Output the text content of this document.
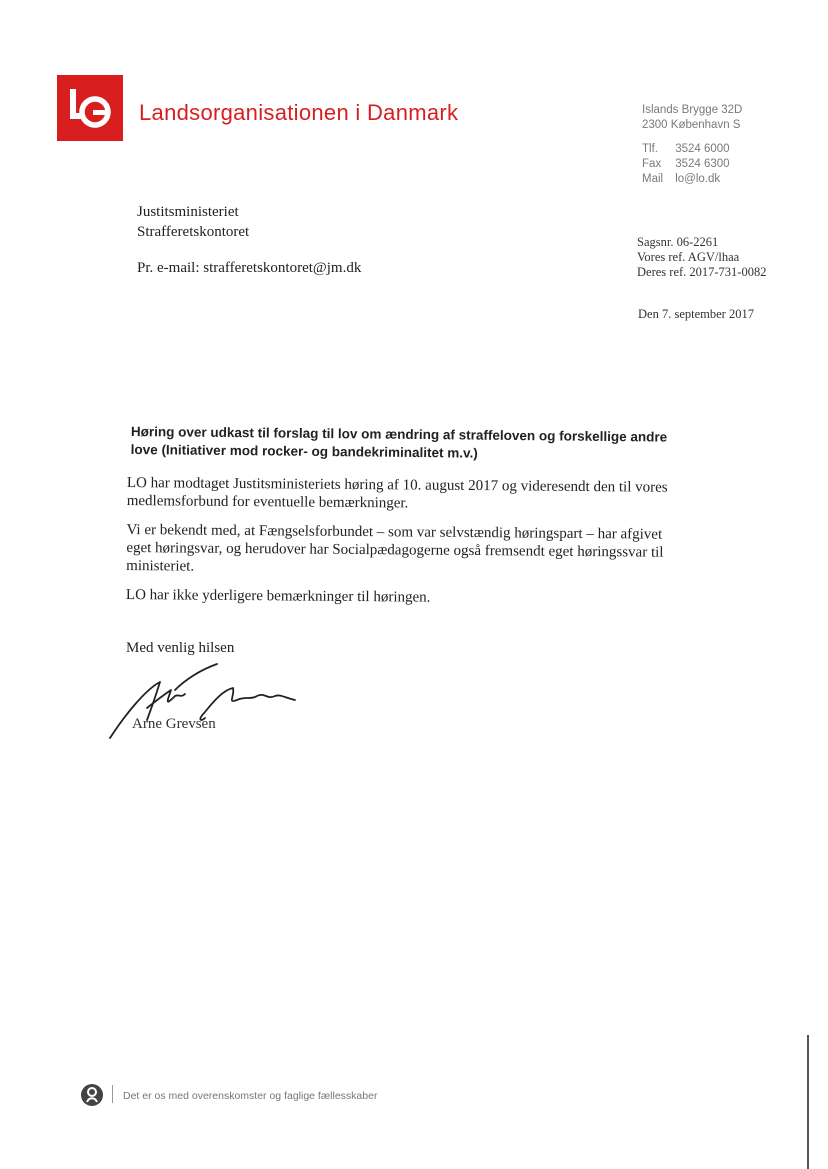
lo
Landsorganisationen i Danmark	Islands Brygge 32D
2300 København S
Tlf. 3524 6000
Fax 3524 6300
Mail lo@lo.dk
Justitsministeriet
Strafferetskontoret
Pr. e-mail: strafferetskontoret@jm.dk
Sagsnr. 06-2261
Vores ref. AGV/lhaa
Deres ref. 2017-731-0082
Den 7. september 2017
Høring over udkast til forslag til lov om ændring af straffeloven og forskellige andre love (Initiativer mod rocker- og bandekriminalitet m.v.)

LO har modtaget Justitsministeriets høring af 10. august 2017 og videresendt den til vores medlemsforbund for eventuelle bemærkninger.

Vi er bekendt med, at Fængselsforbundet – som var selvstændig høringspart – har afgivet eget høringsvar, og herudover har Socialpædagogerne også fremsendt eget høringssvar til ministeriet.

LO har ikke yderligere bemærkninger til høringen.

Med venlig hilsen
Arne Grevsen
Det er os med overenskomster og faglige fællesskaber
